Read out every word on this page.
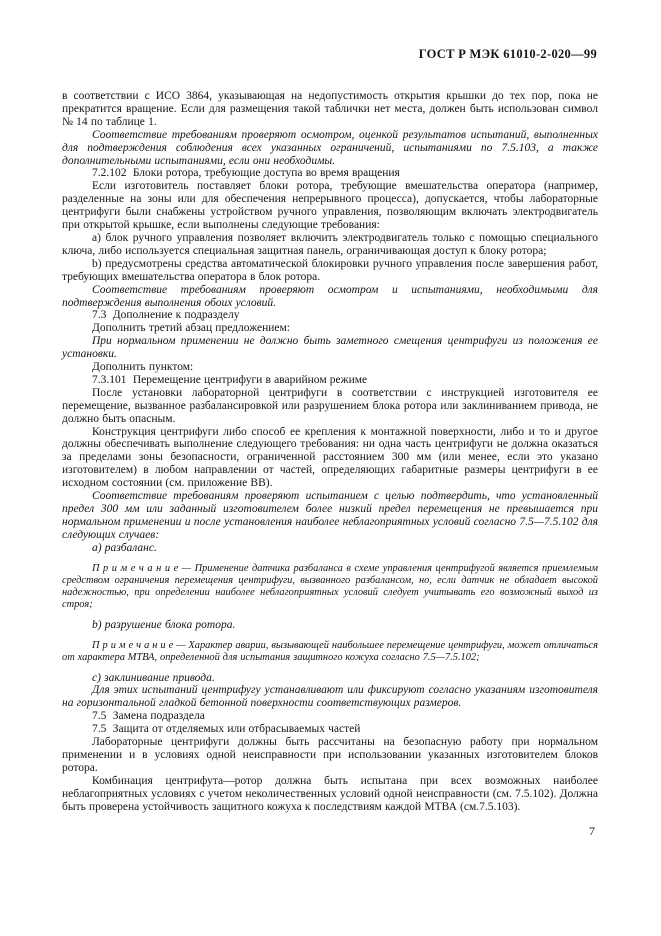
ГОСТ Р МЭК 61010-2-020—99

в соответствии с ИСО 3864, указывающая на недопустимость открытия крышки до тех пор, пока не прекратится вращение. Если для размещения такой таблички нет места, должен быть использован символ № 14 по таблице 1.

Соответствие требованиям проверяют осмотром, оценкой результатов испытаний, выполненных для подтверждения соблюдения всех указанных ограничений, испытаниями по 7.5.103, а также дополнительными испытаниями, если они необходимы.

7.2.102  Блоки ротора, требующие доступа во время вращения

Если изготовитель поставляет блоки ротора, требующие вмешательства оператора (например, разделенные на зоны или для обеспечения непрерывного процесса), допускается, чтобы лабораторные центрифуги были снабжены устройством ручного управления, позволяющим включать электродвигатель при открытой крышке, если выполнены следующие требования:

а) блок ручного управления позволяет включить электродвигатель только с помощью специального ключа, либо используется специальная защитная панель, ограничивающая доступ к блоку ротора;

b) предусмотрены средства автоматической блокировки ручного управления после завершения работ, требующих вмешательства оператора в блок ротора.

Соответствие требованиям проверяют осмотром и испытаниями, необходимыми для подтверждения выполнения обоих условий.

7.3  Дополнение к подразделу

Дополнить третий абзац предложением:

При нормальном применении не должно быть заметного смещения центрифуги из положения ее установки.

Дополнить пунктом:

7.3.101  Перемещение центрифуги в аварийном режиме

После установки лабораторной центрифуги в соответствии с инструкцией изготовителя ее перемещение, вызванное разбалансировкой или разрушением блока ротора или заклиниванием привода, не должно быть опасным.

Конструкция центрифуги либо способ ее крепления к монтажной поверхности, либо и то и другое должны обеспечивать выполнение следующего требования: ни одна часть центрифуги не должна оказаться за пределами зоны безопасности, ограниченной расстоянием 300 мм (или менее, если это указано изготовителем) в любом направлении от частей, определяющих габаритные размеры центрифуги в ее исходном состоянии (см. приложение ВВ).

Соответствие требованиям проверяют испытанием с целью подтвердить, что установленный предел 300 мм или заданный изготовителем более низкий предел перемещения не превышается при нормальном применении и после установления наиболее неблагоприятных условий согласно 7.5—7.5.102 для следующих случаев:

а) разбаланс.

П р и м е ч а н и е — Применение датчика разбаланса в схеме управления центрифугой является приемлемым средством ограничения перемещения центрифуги, вызванного разбалансом, но, если датчик не обладает высокой надежностью, при определении наиболее неблагоприятных условий следует учитывать его возможный выход из строя;

b) разрушение блока ротора.

П р и м е ч а н и е — Характер аварии, вызывающей наибольшее перемещение центрифуги, может отличаться от характера МТВА, определенной для испытания защитного кожуха согласно 7.5—7.5.102;

с) заклинивание привода.

Для этих испытаний центрифугу устанавливают или фиксируют согласно указаниям изготовителя на горизонтальной гладкой бетонной поверхности соответствующих размеров.

7.5  Замена подраздела

7.5  Защита от отделяемых или отбрасываемых частей

Лабораторные центрифуги должны быть рассчитаны на безопасную работу при нормальном применении и в условиях одной неисправности при использовании указанных изготовителем блоков ротора.

Комбинация центрифута—ротор должна быть испытана при всех возможных наиболее неблагоприятных условиях с учетом неколичественных условий одной неисправности (см. 7.5.102). Должна быть проверена устойчивость защитного кожуха к последствиям каждой МТВА (см.7.5.103).

7
